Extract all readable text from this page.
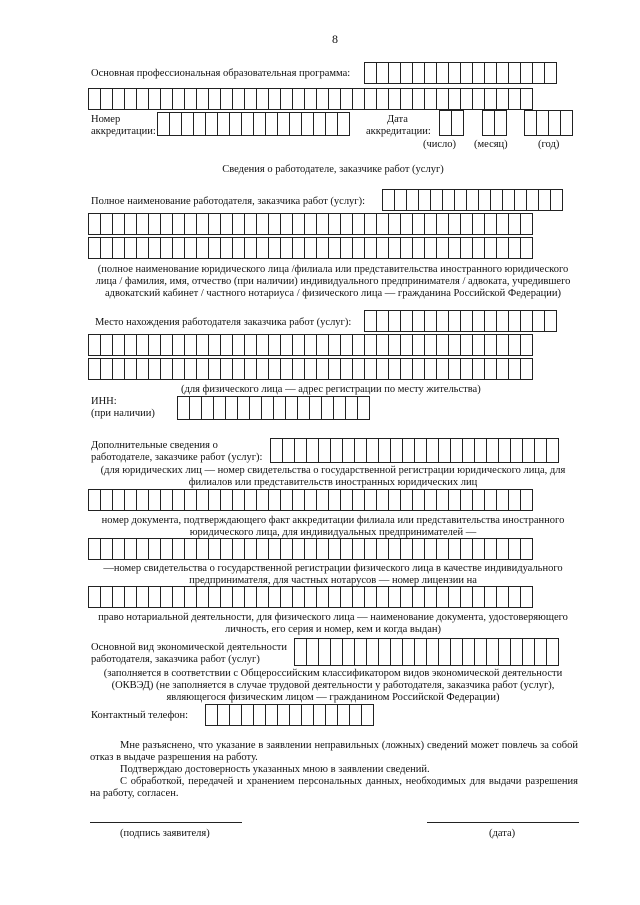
8
Основная профессиональная образовательная программа:
Номер
аккредитации:
Дата
аккредитации:
(число) (месяц)	(год)
Сведения о работодателе, заказчике работ (услуг)
Полное наименование работодателя, заказчика работ (услуг):
(полное наименование юридического лица /филиала или представительства иностранного юридического лица / фамилия, имя, отчество (при наличии) индивидуального предпринимателя / адвоката, учредившего адвокатский кабинет / частного нотариуса / физического лица — гражданина Российской Федерации)
Место нахождения работодателя заказчика работ (услуг):
(для физического лица — адрес регистрации по месту жительства)
ИНН:
(при наличии)
Дополнительные сведения о
работодателе, заказчике работ (услуг):
(для юридических лиц — номер свидетельства о государственной регистрации юридического лица, для филиалов или представительств иностранных юридических лиц
номер документа, подтверждающего факт аккредитации филиала или представительства иностранного юридического лица, для индивидуальных предпринимателей —
—номер свидетельства о государственной регистрации физического лица в качестве индивидуального предпринимателя, для частных нотарусов — номер лицензии на
право нотариальной деятельности, для физического лица — наименование документа, удостоверяющего личность, его серия и номер, кем и когда выдан)
Основной вид экономической деятельности
работодателя, заказчика работ (услуг)
(заполняется в соответствии с Общероссийским классификатором видов экономической деятельности (ОКВЭД) (не заполняется в случае трудовой деятельности у работодателя, заказчика работ (услуг), являющегося физическим лицом — гражданином Российской Федерации)
Контактный телефон:
Мне разъяснено, что указание в заявлении неправильных (ложных) сведений может повлечь за собой отказ в выдаче разрешения на работу.
Подтверждаю достоверность указанных мною в заявлении сведений.
С обработкой, передачей и хранением персональных данных, необходимых для выдачи разрешения на работу, согласен.
(подпись заявителя)	(дата)
